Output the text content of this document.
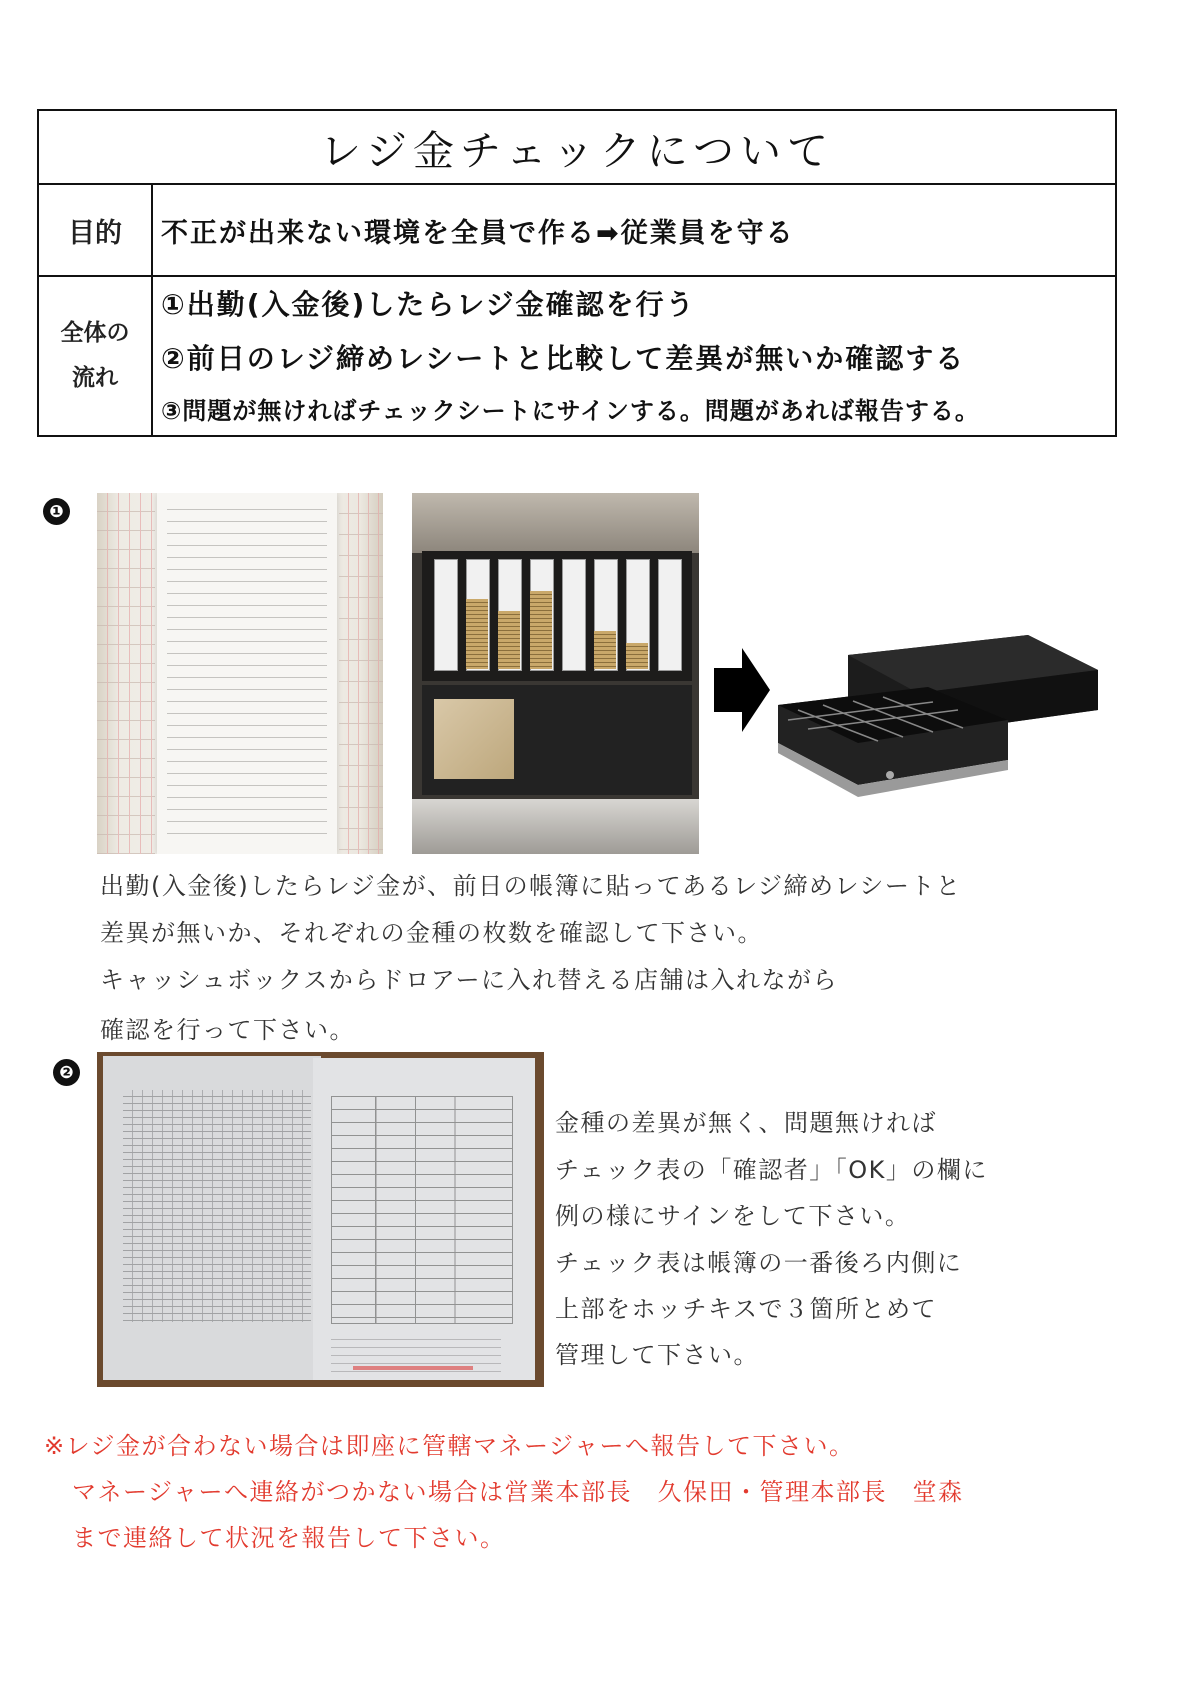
レジ金チェックについて
目的	不正が出来ない環境を全員で作る➡従業員を守る
全体の
流れ
①出勤(入金後)したらレジ金確認を行う
②前日のレジ締めレシートと比較して差異が無いか確認する
③問題が無ければチェックシートにサインする。問題があれば報告する。
❶
出勤(入金後)したらレジ金が、前日の帳簿に貼ってあるレジ締めレシートと
差異が無いか、それぞれの金種の枚数を確認して下さい。
キャッシュボックスからドロアーに入れ替える店舗は入れながら
確認を行って下さい。
❷
金種の差異が無く、問題無ければ
チェック表の「確認者」「OK」の欄に
例の様にサインをして下さい。
チェック表は帳簿の一番後ろ内側に
上部をホッチキスで３箇所とめて
管理して下さい。
※レジ金が合わない場合は即座に管轄マネージャーへ報告して下さい。
マネージャーへ連絡がつかない場合は営業本部長　久保田・管理本部長　堂森
まで連絡して状況を報告して下さい。
